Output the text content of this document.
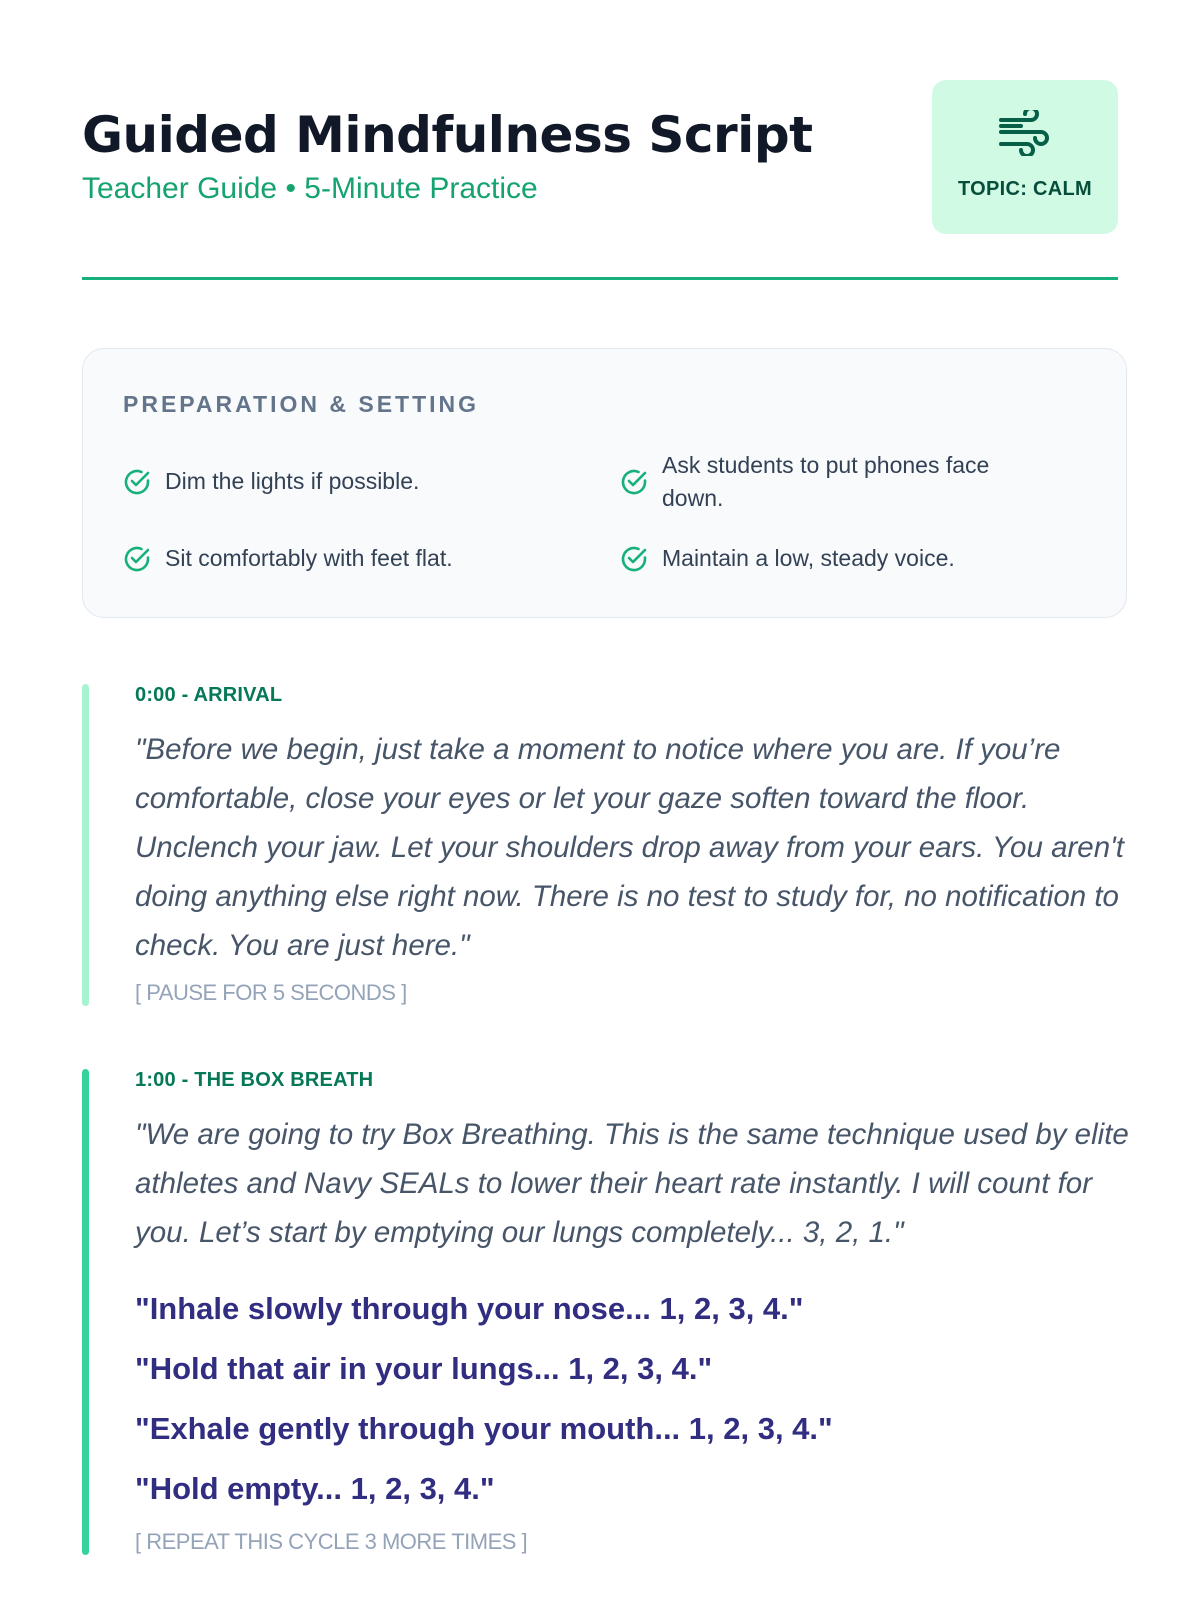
Guided Mindfulness Script
Teacher Guide • 5-Minute Practice	TOPIC: CALM
PREPARATION & SETTING
Dim the lights if possible.
Ask students to put phones face down.
Sit comfortably with feet flat.	Maintain a low, steady voice.
0:00 - ARRIVAL
"Before we begin, just take a moment to notice where you are. If you’re comfortable, close your eyes or let your gaze soften toward the floor. Unclench your jaw. Let your shoulders drop away from your ears. You aren't doing anything else right now. There is no test to study for, no notification to check. You are just here."
[ PAUSE FOR 5 SECONDS ]
1:00 - THE BOX BREATH
"We are going to try Box Breathing. This is the same technique used by elite athletes and Navy SEALs to lower their heart rate instantly. I will count for you. Let’s start by emptying our lungs completely... 3, 2, 1."
"Inhale slowly through your nose... 1, 2, 3, 4."
"Hold that air in your lungs... 1, 2, 3, 4."
"Exhale gently through your mouth... 1, 2, 3, 4."
"Hold empty... 1, 2, 3, 4."
[ REPEAT THIS CYCLE 3 MORE TIMES ]
